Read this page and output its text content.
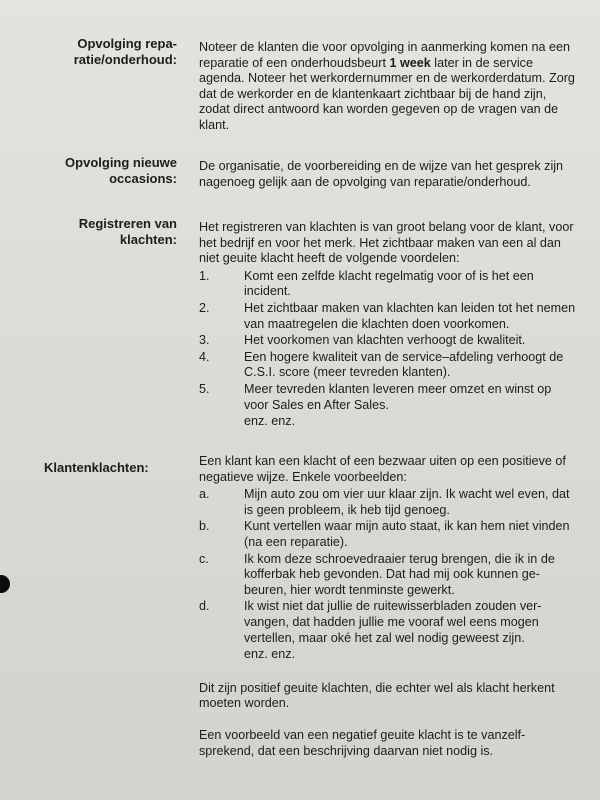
Opvolging repa-
ratie/onderhoud:

Noteer de klanten die voor opvolging in aanmerking komen na een reparatie of een onderhoudsbeurt 1 week later in de service agenda. Noteer het werkordernummer en de werkorderdatum. Zorg dat de werkorder en de klantenkaart zichtbaar bij de hand zijn, zodat direct antwoord kan worden gegeven op de vragen van de klant.

Opvolging nieuwe
occasions:

De organisatie, de voorbereiding en de wijze van het gesprek zijn nagenoeg gelijk aan de opvolging van reparatie/onderhoud.

Registreren van
klachten:

Het registreren van klachten is van groot belang voor de klant, voor het bedrijf en voor het merk. Het zichtbaar maken van een al dan niet geuite klacht heeft de volgende voordelen:

1.	Komt een zelfde klacht regelmatig voor of is het een incident.
2.	Het zichtbaar maken van klachten kan leiden tot het nemen van maatregelen die klachten doen voorkomen.
3.	Het voorkomen van klachten verhoogt de kwaliteit.
4.	Een hogere kwaliteit van de service–afdeling verhoogt de C.S.I. score (meer tevreden klanten).
5.	Meer tevreden klanten leveren meer omzet en winst op voor Sales en After Sales.
enz. enz.
Klantenklachten:	Een klant kan een klacht of een bezwaar uiten op een positieve of negatieve wijze. Enkele voorbeelden:

a.	Mijn auto zou om vier uur klaar zijn. Ik wacht wel even, dat is geen probleem, ik heb tijd genoeg.
b.	Kunt vertellen waar mijn auto staat, ik kan hem niet vinden (na een reparatie).
c.	Ik kom deze schroevedraaier terug brengen, die ik in de kofferbak heb gevonden. Dat had mij ook kunnen ge-beuren, hier wordt tenminste gewerkt.
d.	Ik wist niet dat jullie de ruitewisserbladen zouden ver-vangen, dat hadden jullie me vooraf wel eens mogen vertellen, maar oké het zal wel nodig geweest zijn.
enz. enz.

Dit zijn positief geuite klachten, die echter wel als klacht herkent moeten worden.

Een voorbeeld van een negatief geuite klacht is te vanzelf-sprekend, dat een beschrijving daarvan niet nodig is.
